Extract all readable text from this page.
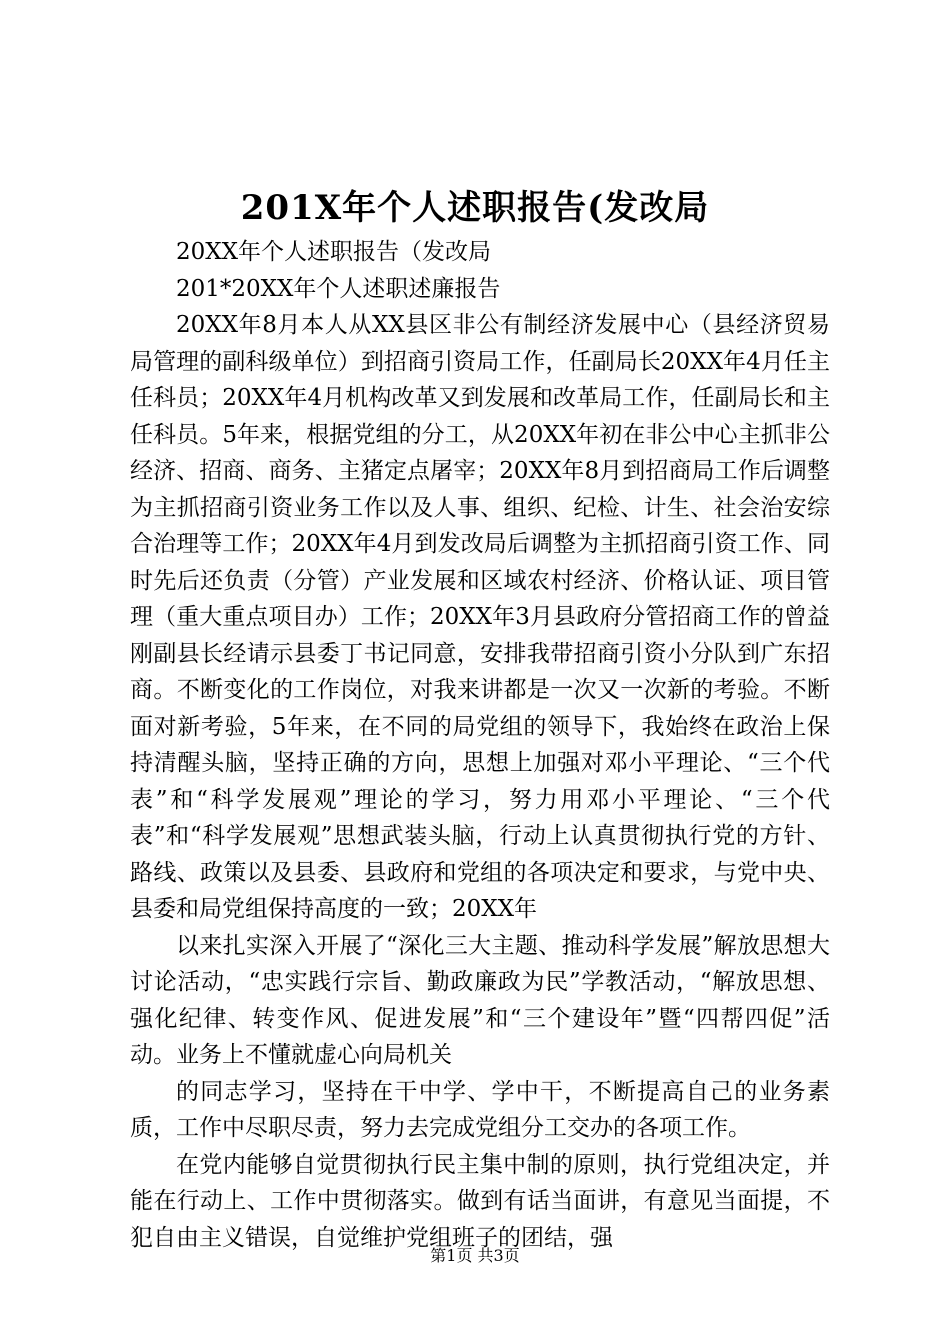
201X年个人述职报告(发改局

20XX年个人述职报告（发改局

201*20XX年个人述职述廉报告

20XX年8月本人从XX县区非公有制经济发展中心（县经济贸易局管理的副科级单位）到招商引资局工作，任副局长20XX年4月任主任科员；20XX年4月机构改革又到发展和改革局工作，任副局长和主任科员。5年来，根据党组的分工，从20XX年初在非公中心主抓非公经济、招商、商务、主猪定点屠宰；20XX年8月到招商局工作后调整为主抓招商引资业务工作以及人事、组织、纪检、计生、社会治安综合治理等工作；20XX年4月到发改局后调整为主抓招商引资工作、同时先后还负责（分管）产业发展和区域农村经济、价格认证、项目管理（重大重点项目办）工作；20XX年3月县政府分管招商工作的曾益刚副县长经请示县委丁书记同意，安排我带招商引资小分队到广东招商。不断变化的工作岗位，对我来讲都是一次又一次新的考验。不断面对新考验，5年来，在不同的局党组的领导下，我始终在政治上保持清醒头脑，坚持正确的方向，思想上加强对邓小平理论、“三个代表”和“科学发展观”理论的学习，努力用邓小平理论、“三个代表”和“科学发展观”思想武装头脑，行动上认真贯彻执行党的方针、路线、政策以及县委、县政府和党组的各项决定和要求，与党中央、县委和局党组保持高度的一致；20XX年

以来扎实深入开展了“深化三大主题、推动科学发展”解放思想大讨论活动，“忠实践行宗旨、勤政廉政为民”学教活动，“解放思想、强化纪律、转变作风、促进发展”和“三个建设年”暨“四帮四促”活动。业务上不懂就虚心向局机关

的同志学习，坚持在干中学、学中干，不断提高自己的业务素质，工作中尽职尽责，努力去完成党组分工交办的各项工作。

在党内能够自觉贯彻执行民主集中制的原则，执行党组决定，并能在行动上、工作中贯彻落实。做到有话当面讲，有意见当面提，不犯自由主义错误，自觉维护党组班子的团结，强

第1页 共3页
